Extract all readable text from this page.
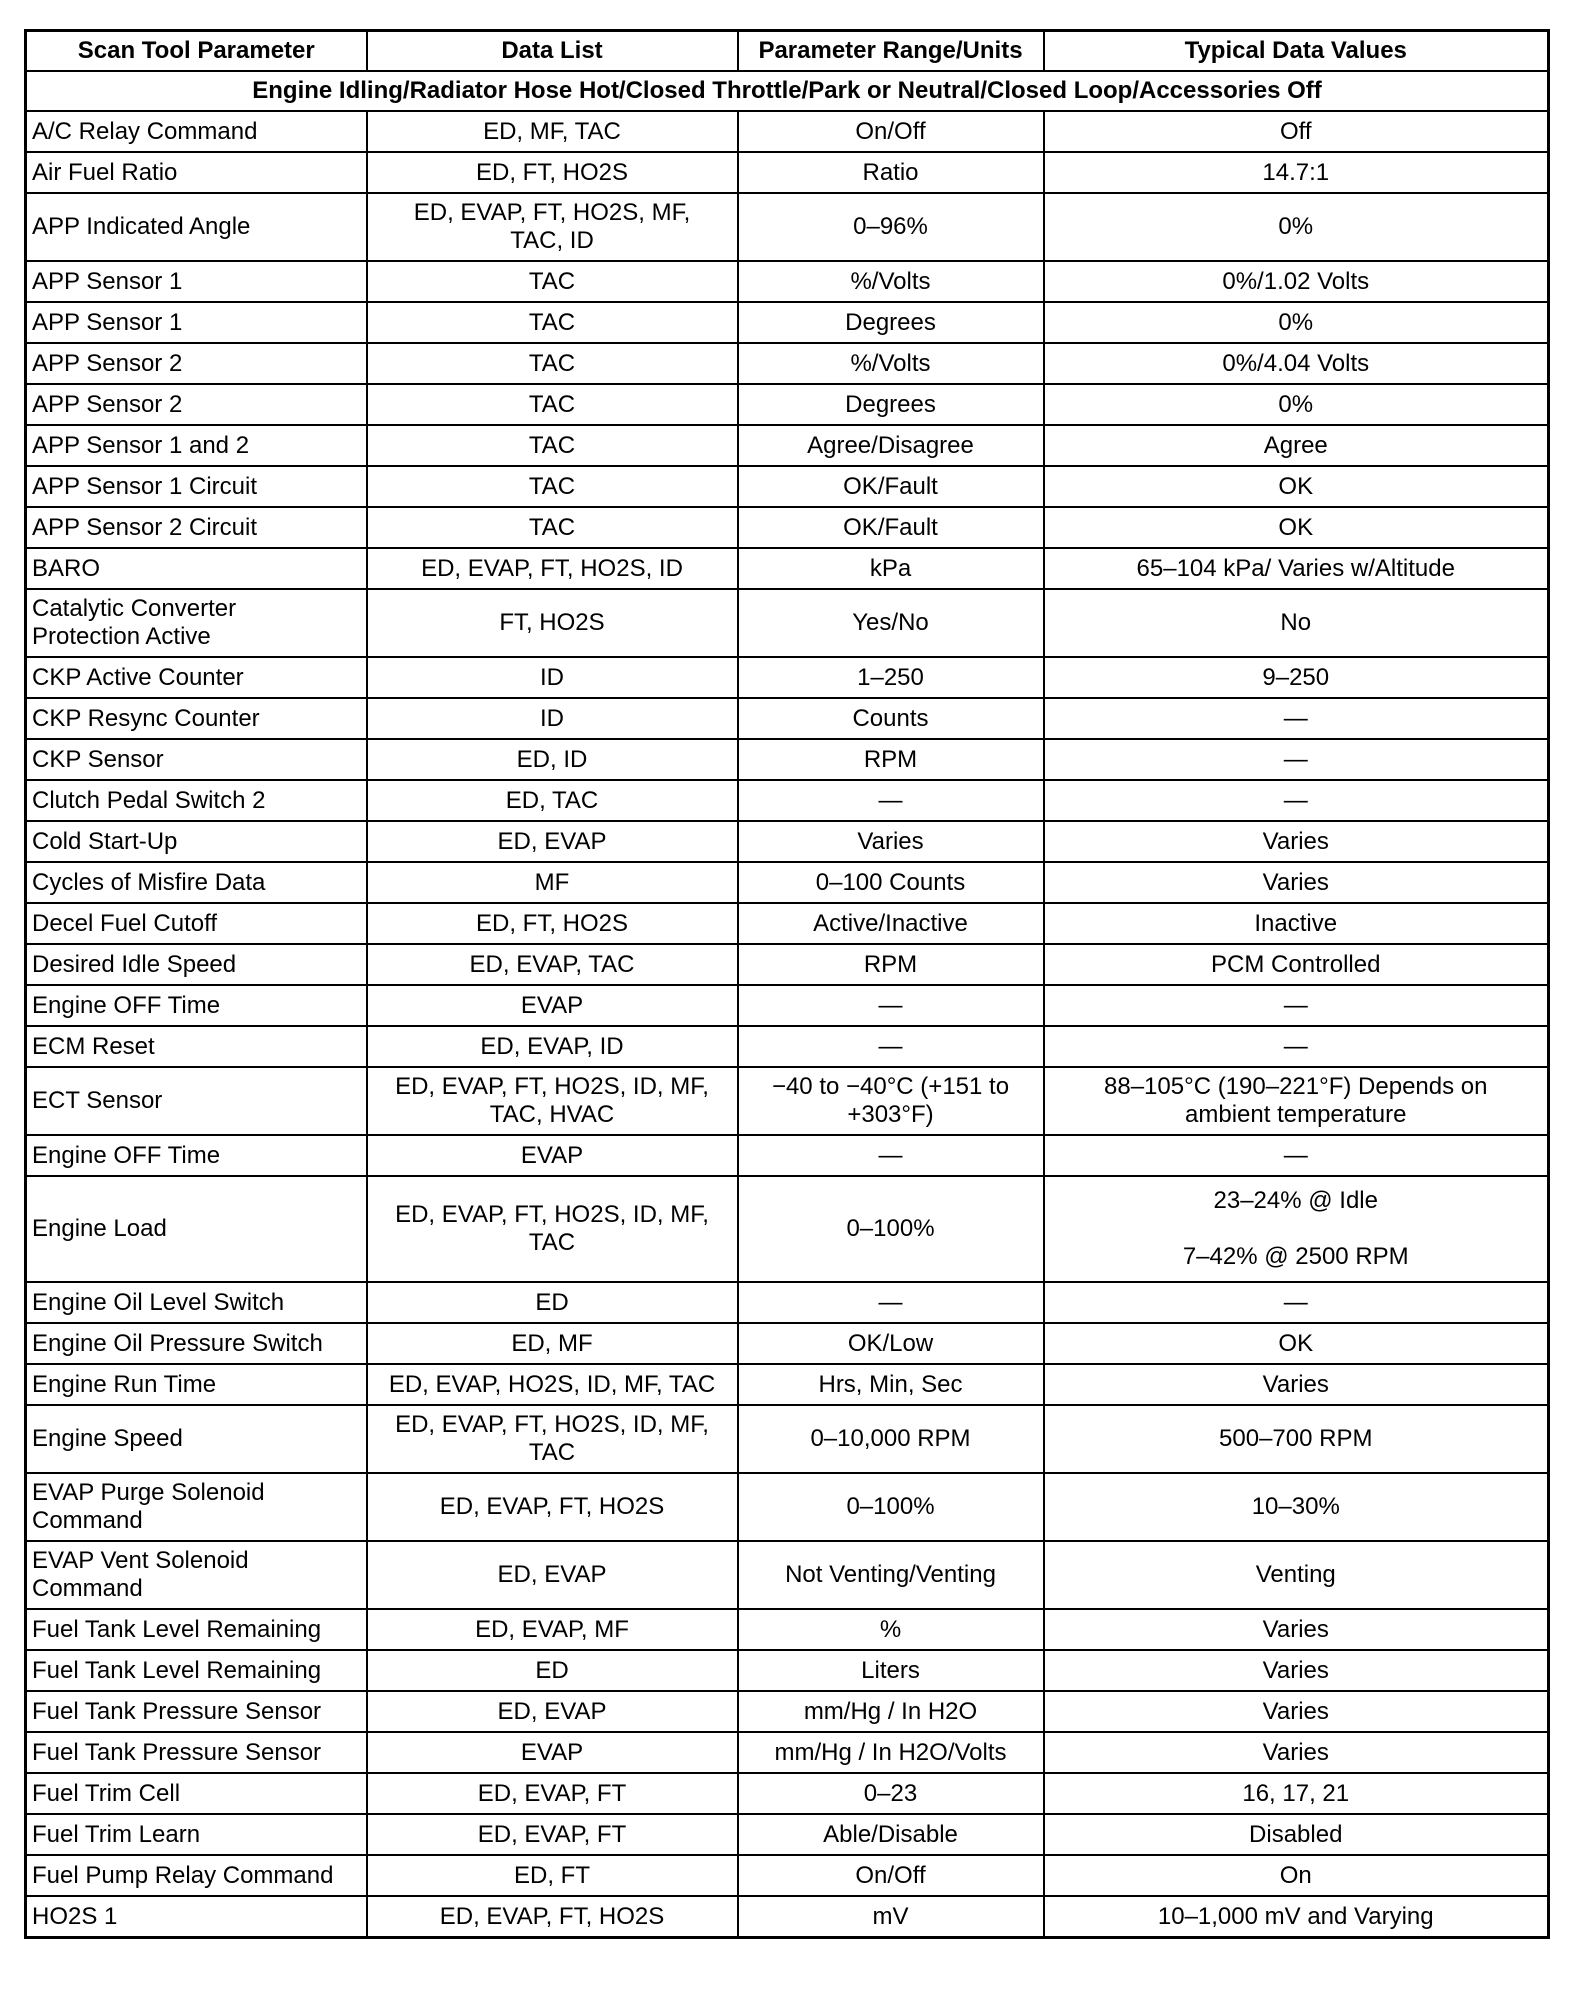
Scan Tool Parameter	Data List	Parameter Range/Units	Typical Data Values
Engine Idling/Radiator Hose Hot/Closed Throttle/Park or Neutral/Closed Loop/Accessories Off			

A/C Relay Command	ED, MF, TAC	On/Off	Off

Air Fuel Ratio	ED, FT, HO2S	Ratio	14.7:1

APP Indicated Angle	ED, EVAP, FT, HO2S, MF,
TAC, ID	0–96%	0%

APP Sensor 1	TAC	%/Volts	0%/1.02 Volts

APP Sensor 1	TAC	Degrees	0%

APP Sensor 2	TAC	%/Volts	0%/4.04 Volts

APP Sensor 2	TAC	Degrees	0%

APP Sensor 1 and 2	TAC	Agree/Disagree	Agree

APP Sensor 1 Circuit	TAC	OK/Fault	OK

APP Sensor 2 Circuit	TAC	OK/Fault	OK

BARO	ED, EVAP, FT, HO2S, ID	kPa	65–104 kPa/ Varies w/Altitude

Catalytic Converter
Protection Active	FT, HO2S	Yes/No	No

CKP Active Counter	ID	1–250	9–250

CKP Resync Counter	ID	Counts	—

CKP Sensor	ED, ID	RPM	—

Clutch Pedal Switch 2	ED, TAC	—	—

Cold Start-Up	ED, EVAP	Varies	Varies

Cycles of Misfire Data	MF	0–100 Counts	Varies

Decel Fuel Cutoff	ED, FT, HO2S	Active/Inactive	Inactive

Desired Idle Speed	ED, EVAP, TAC	RPM	PCM Controlled

Engine OFF Time	EVAP	—	—

ECM Reset	ED, EVAP, ID	—	—

ECT Sensor	ED, EVAP, FT, HO2S, ID, MF,
TAC, HVAC	−40 to −40°C (+151 to
+303°F)	88–105°C (190–221°F) Depends on
ambient temperature

Engine OFF Time	EVAP	—	—

Engine Load	ED, EVAP, FT, HO2S, ID, MF,
TAC	0–100%	23–24% @ Idle

7–42% @ 2500 RPM

Engine Oil Level Switch	ED	—	—

Engine Oil Pressure Switch	ED, MF	OK/Low	OK

Engine Run Time	ED, EVAP, HO2S, ID, MF, TAC	Hrs, Min, Sec	Varies

Engine Speed	ED, EVAP, FT, HO2S, ID, MF,
TAC	0–10,000 RPM	500–700 RPM

EVAP Purge Solenoid
Command	ED, EVAP, FT, HO2S	0–100%	10–30%

EVAP Vent Solenoid
Command	ED, EVAP	Not Venting/Venting	Venting

Fuel Tank Level Remaining	ED, EVAP, MF	%	Varies

Fuel Tank Level Remaining	ED	Liters	Varies

Fuel Tank Pressure Sensor	ED, EVAP	mm/Hg / In H2O	Varies

Fuel Tank Pressure Sensor	EVAP	mm/Hg / In H2O/Volts	Varies

Fuel Trim Cell	ED, EVAP, FT	0–23	16, 17, 21

Fuel Trim Learn	ED, EVAP, FT	Able/Disable	Disabled

Fuel Pump Relay Command	ED, FT	On/Off	On

HO2S 1	ED, EVAP, FT, HO2S	mV	10–1,000 mV and Varying
